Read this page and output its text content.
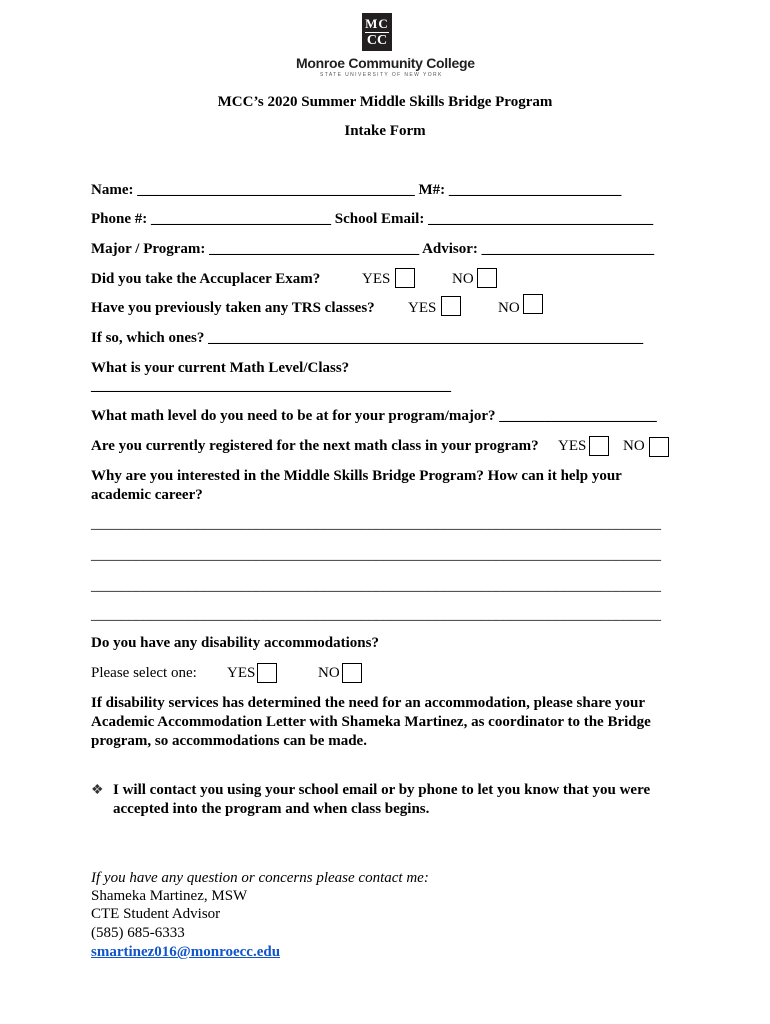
MC
CC
Monroe Community College
STATE UNIVERSITY OF NEW YORK
MCC’s 2020 Summer Middle Skills Bridge Program
Intake Form
Name: _____________________________________ M#: _______________________
Phone #: ________________________ School Email: ______________________________
Major / Program: ____________________________ Advisor: _______________________
Did you take the Accuplacer Exam?	YES	NO
Have you previously taken any TRS classes? YES	NO
If so, which ones? __________________________________________________________
What is your current Math Level/Class?
________________________________________________
What math level do you need to be at for your program/major? _____________________
Are you currently registered for the next math class in your program? YES NO
Why are you interested in the Middle Skills Bridge Program? How can it help your
academic career?
____________________________________________________________________________
____________________________________________________________________________
____________________________________________________________________________
____________________________________________________________________________
Do you have any disability accommodations?
Please select one: YES	NO
If disability services has determined the need for an accommodation, please share your
Academic Accommodation Letter with Shameka Martinez, as coordinator to the Bridge
program, so accommodations can be made.
❖ I will contact you using your school email or by phone to let you know that you were
accepted into the program and when class begins.
If you have any question or concerns please contact me:
Shameka Martinez, MSW
CTE Student Advisor
(585) 685-6333
smartinez016@monroecc.edu
